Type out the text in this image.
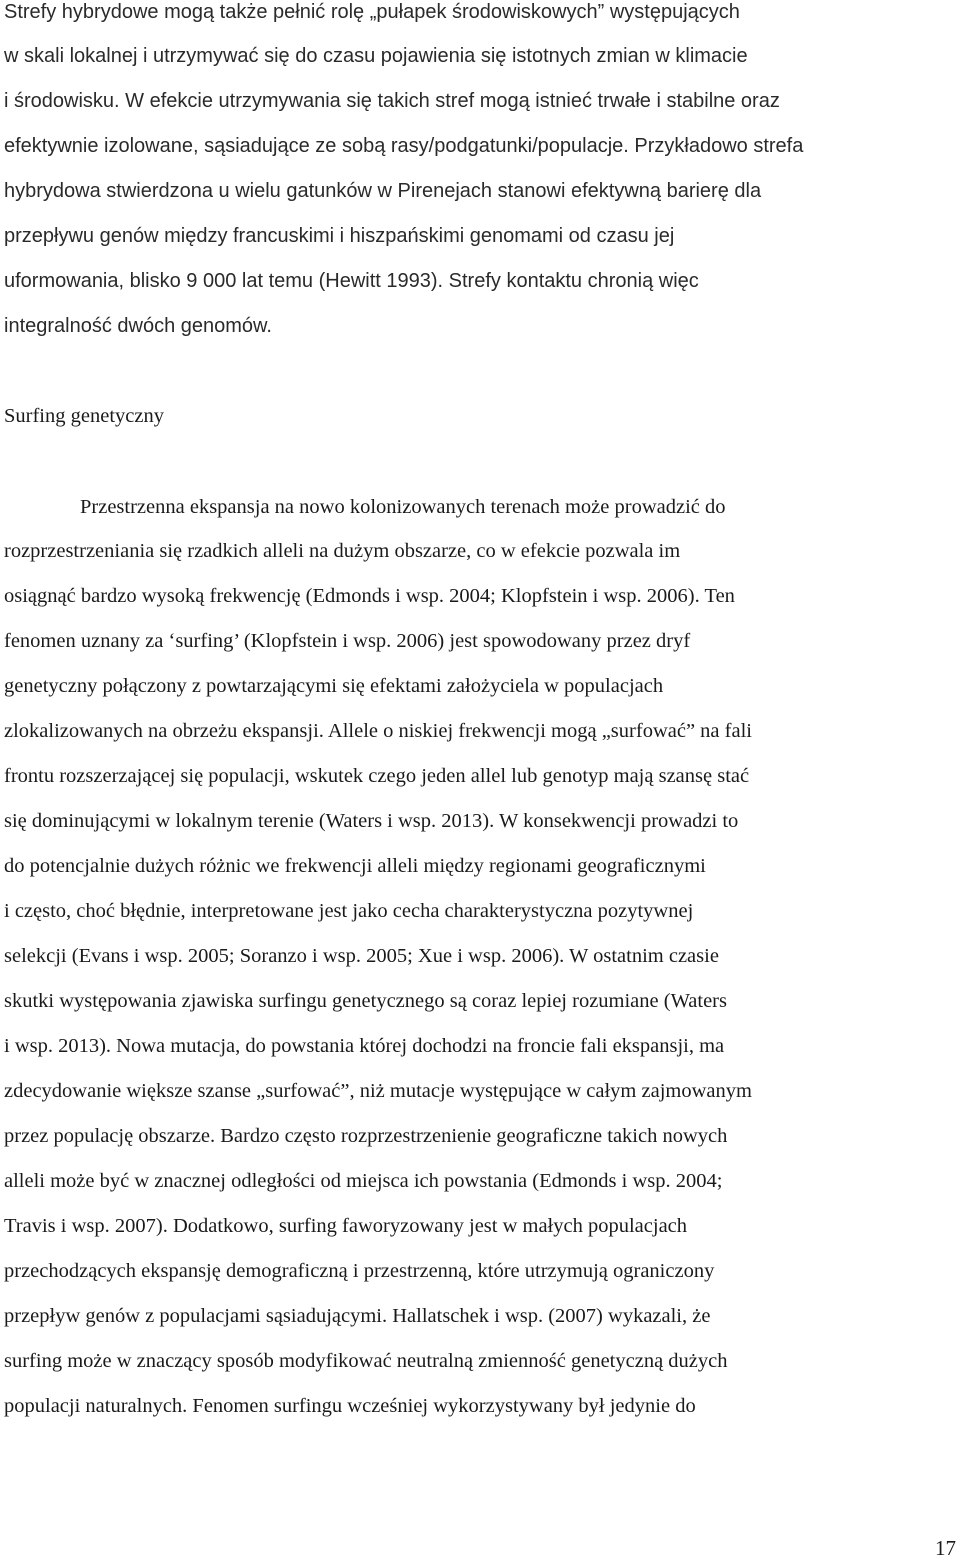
Strefy hybrydowe mogą także pełnić rolę „pułapek środowiskowych” występujących
w skali lokalnej i utrzymywać się do czasu pojawienia się istotnych zmian w klimacie
i środowisku. W efekcie utrzymywania się takich stref mogą istnieć trwałe i stabilne oraz
efektywnie izolowane, sąsiadujące ze sobą rasy/podgatunki/populacje. Przykładowo strefa
hybrydowa stwierdzona u wielu gatunków w Pirenejach stanowi efektywną barierę dla
przepływu genów między francuskimi i hiszpańskimi genomami od czasu jej
uformowania, blisko 9 000 lat temu (Hewitt 1993). Strefy kontaktu chronią więc
integralność dwóch genomów.
Surfing genetyczny
Przestrzenna ekspansja na nowo kolonizowanych terenach może prowadzić do
rozprzestrzeniania się rzadkich alleli na dużym obszarze, co w efekcie pozwala im
osiągnąć bardzo wysoką frekwencję (Edmonds i wsp. 2004; Klopfstein i wsp. 2006). Ten
fenomen uznany za ‘surfing’ (Klopfstein i wsp. 2006) jest spowodowany przez dryf
genetyczny połączony z powtarzającymi się efektami założyciela w populacjach
zlokalizowanych na obrzeżu ekspansji. Allele o niskiej frekwencji mogą „surfować” na fali
frontu rozszerzającej się populacji, wskutek czego jeden allel lub genotyp mają szansę stać
się dominującymi w lokalnym terenie (Waters i wsp. 2013). W konsekwencji prowadzi to
do potencjalnie dużych różnic we frekwencji alleli między regionami geograficznymi
i często, choć błędnie, interpretowane jest jako cecha charakterystyczna pozytywnej
selekcji (Evans i wsp. 2005; Soranzo i wsp. 2005; Xue i wsp. 2006). W ostatnim czasie
skutki występowania zjawiska surfingu genetycznego są coraz lepiej rozumiane (Waters
i wsp. 2013). Nowa mutacja, do powstania której dochodzi na froncie fali ekspansji, ma
zdecydowanie większe szanse „surfować”, niż mutacje występujące w całym zajmowanym
przez populację obszarze. Bardzo często rozprzestrzenienie geograficzne takich nowych
alleli może być w znacznej odległości od miejsca ich powstania (Edmonds i wsp. 2004;
Travis i wsp. 2007). Dodatkowo, surfing faworyzowany jest w małych populacjach
przechodzących ekspansję demograficzną i przestrzenną, które utrzymują ograniczony
przepływ genów z populacjami sąsiadującymi. Hallatschek i wsp. (2007) wykazali, że
surfing może w znaczący sposób modyfikować neutralną zmienność genetyczną dużych
populacji naturalnych. Fenomen surfingu wcześniej wykorzystywany był jedynie do
17
